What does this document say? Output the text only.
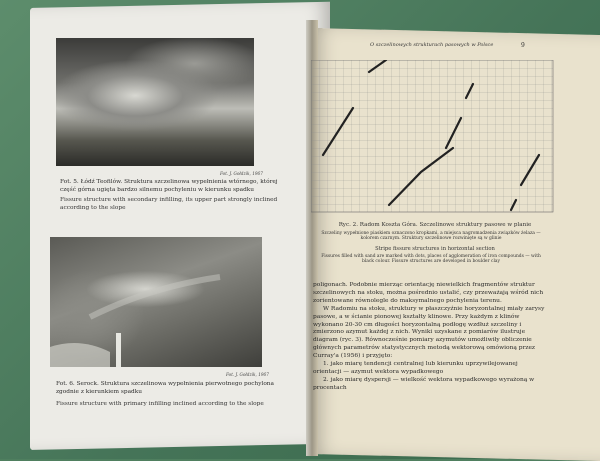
Fot. J. Gołdzik, 1967
Fot. 5. Łódź Teofilów. Struktura szczelinowa wypełnienia wtórnego, której część górna ugięta bardzo silnemu pochyleniu w kierunku spadku
Fissure structure with secondary infilling, its upper part strongly inclined according to the slope
Fot. J. Gołdzik, 1967
Fot. 6. Serock. Struktura szczelinowa wypełnienia pierwotnego pochylona zgodnie z kierunkiem spadku
Fissure structure with primary infilling inclined according to the slope
O szczelinowych strukturach pasowych w Polsce	9
Ryc. 2. Radom Koszta Góra. Szczelinowe struktury pasowe w planie
Szczeliny wypełnione piaskiem oznaczono kropkami, a miejsca nagromadzenia związków żelaza — kolorem czarnym. Struktury szczelinowe rozwinięte są w glinie
Stripe fissure structures in horizontal section
Fissures filled with sand are marked with dots, places of agglomeration of iron compounds — with black colour. Fissure structures are developed in boulder clay

poligonach. Podobnie mierząc orientację niewielkich fragmentów struktur szczelinowych na stoku, można pośrednio ustalić, czy przeważają wśród nich zorientowane równolegle do maksymalnego pochylenia terenu.

W Radomiu na stoku, struktury w płaszczyźnie horyzontalnej miały zarysy pasowe, a w ścianie pionowej kształty klinowe. Przy każdym z klinów wykonano 20-30 cm długości horyzontalną podłogę wzdłuż szczeliny i zmierzono azymut każdej z nich. Wyniki uzyskane z pomiarów ilustruje diagram (ryc. 3). Równocześnie pomiary azymutów umożliwiły obliczenie głównych parametrów statystycznych metodą wektorową omówioną przez Curray'a (1956) i przyjęto:

1. jako miarę tendencji centralnej lub kierunku uprzywilejowanej orientacji — azymut wektora wypadkowego

2. jako miarę dyspersji — wielkość wektora wypadkowego wyrażoną w procentach
